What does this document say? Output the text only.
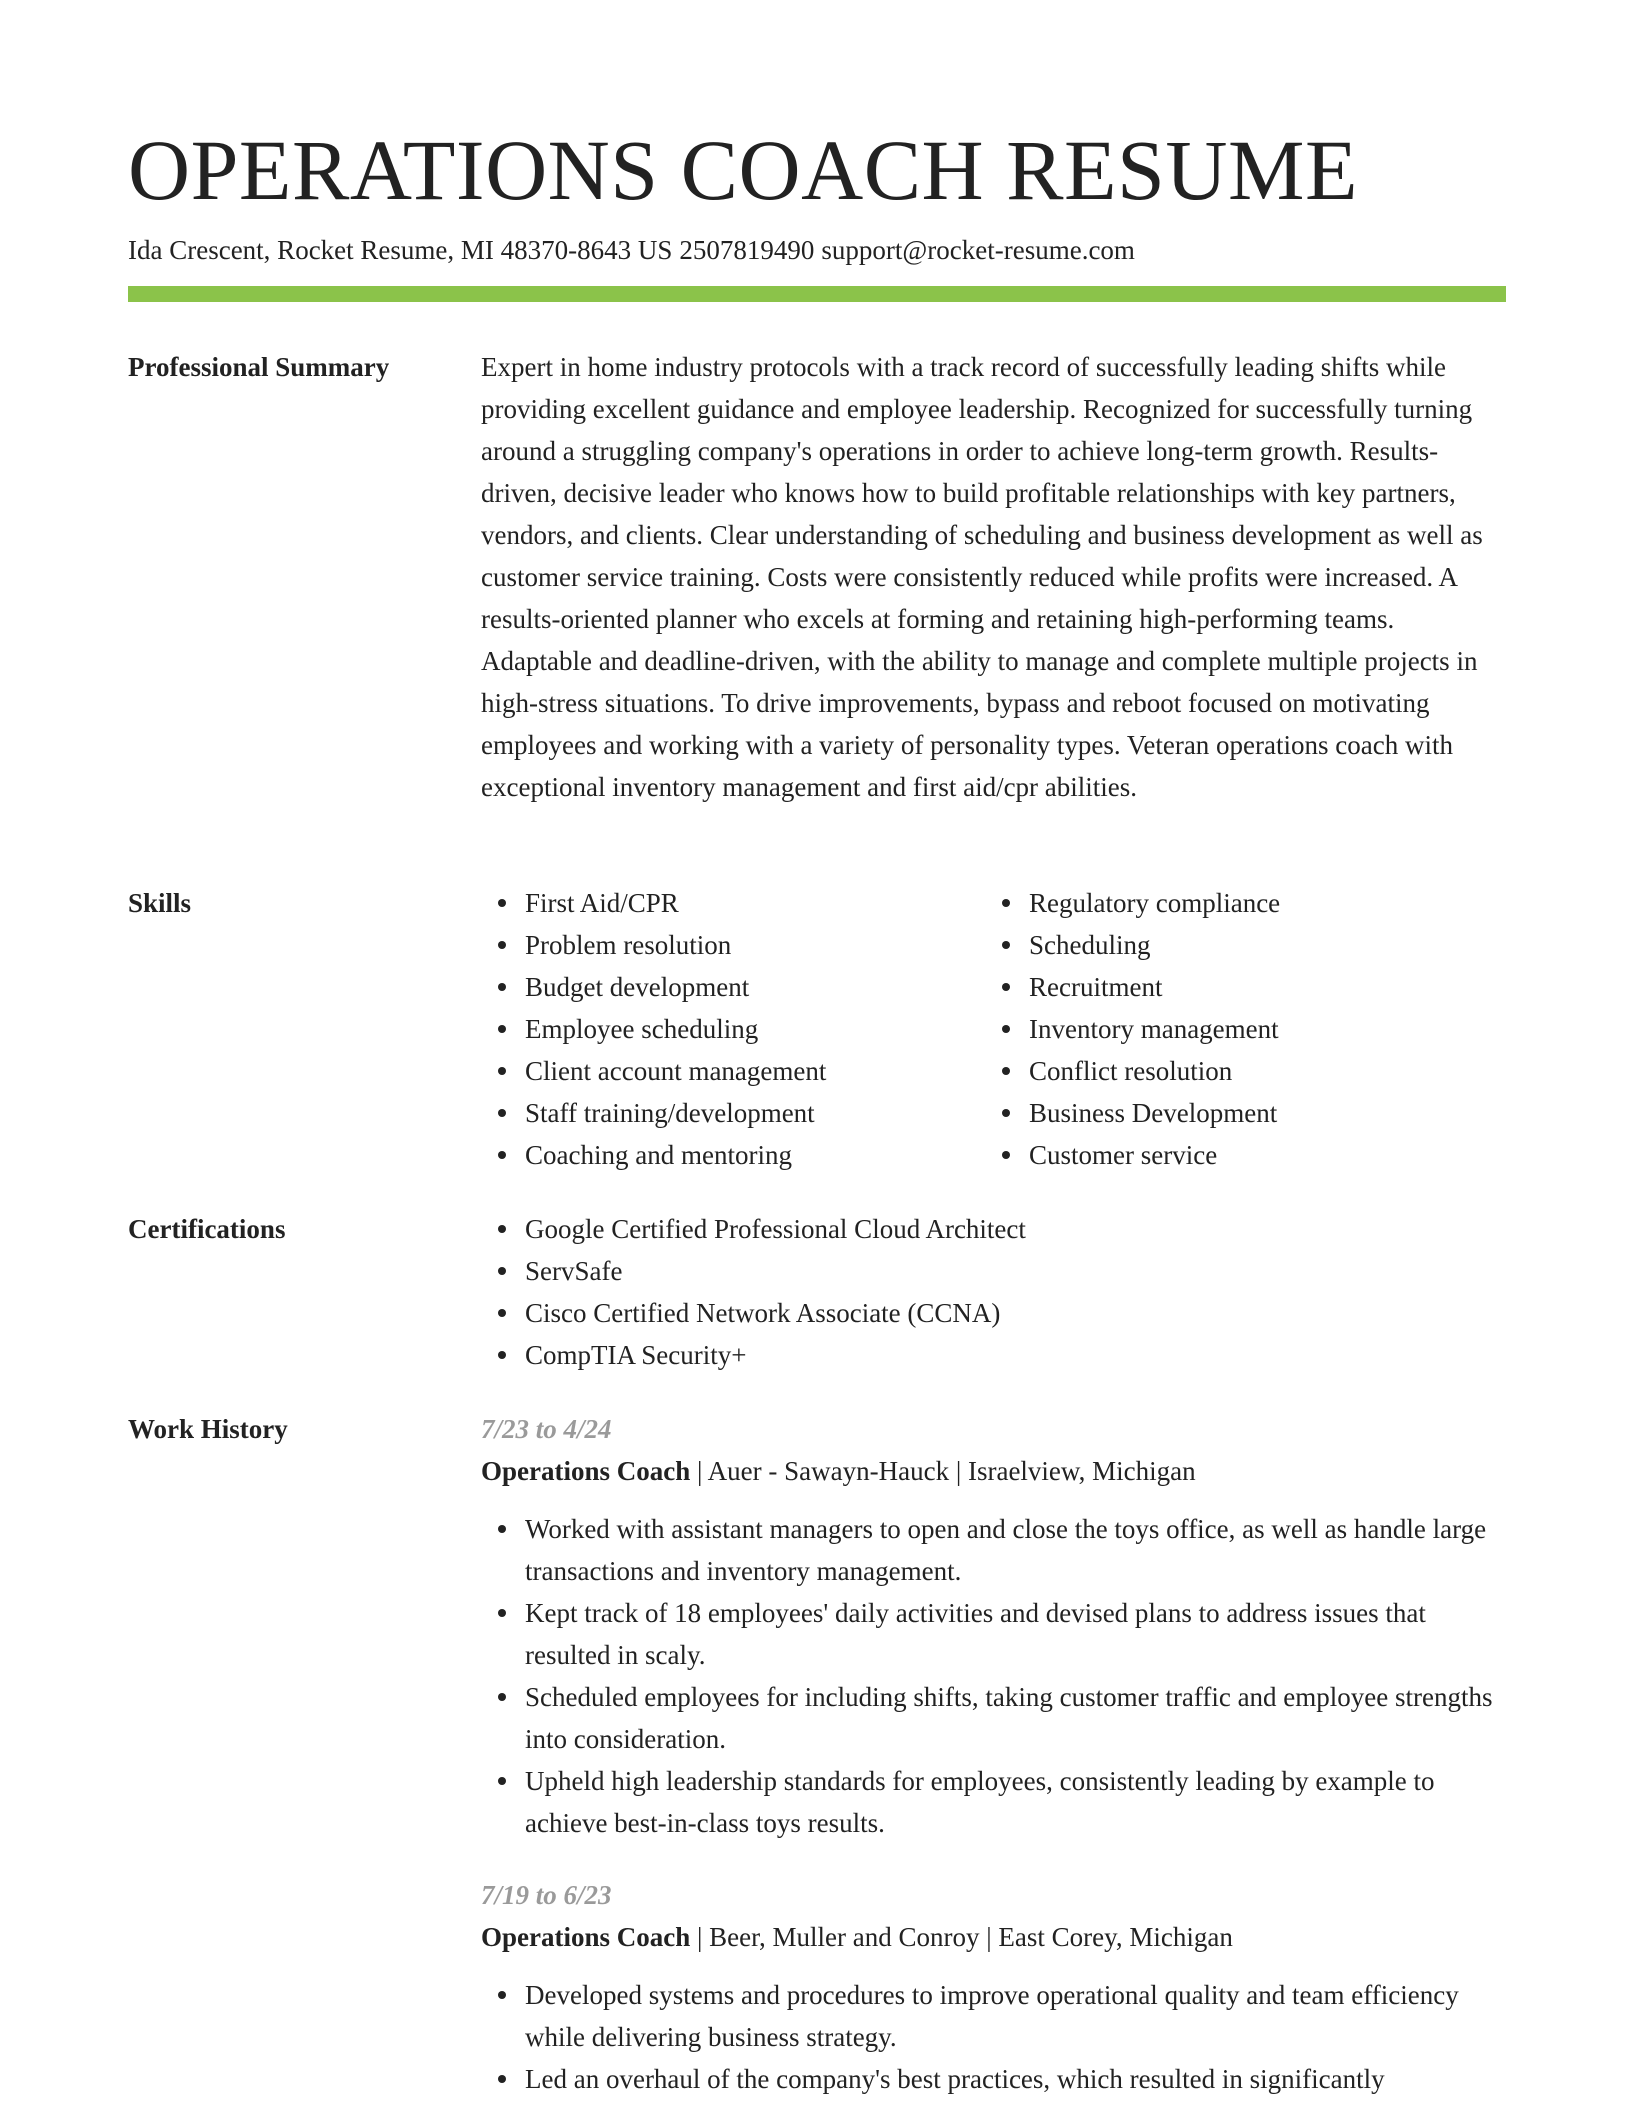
OPERATIONS COACH RESUME
Ida Crescent, Rocket Resume, MI 48370-8643 US 2507819490 support@rocket-resume.com
Professional Summary	Expert in home industry protocols with a track record of successfully leading shifts while providing excellent guidance and employee leadership. Recognized for successfully turning around a struggling company's operations in order to achieve long-term growth. Results-driven, decisive leader who knows how to build profitable relationships with key partners, vendors, and clients. Clear understanding of scheduling and business development as well as customer service training. Costs were consistently reduced while profits were increased. A results-oriented planner who excels at forming and retaining high-performing teams. Adaptable and deadline-driven, with the ability to manage and complete multiple projects in high-stress situations. To drive improvements, bypass and reboot focused on motivating employees and working with a variety of personality types. Veteran operations coach with exceptional inventory management and first aid/cpr abilities.

Skills	First Aid/CPR
Problem resolution
Budget development
Employee scheduling
Client account management
Staff training/development
Coaching and mentoring
Regulatory compliance
Scheduling
Recruitment
Inventory management
Conflict resolution
Business Development
Customer service
Certifications	Google Certified Professional Cloud Architect
ServSafe
Cisco Certified Network Associate (CCNA)
CompTIA Security+
Work History	7/23 to 4/24
Operations Coach | Auer - Sawayn-Hauck | Israelview, Michigan
Worked with assistant managers to open and close the toys office, as well as handle large transactions and inventory management.
Kept track of 18 employees' daily activities and devised plans to address issues that resulted in scaly.
Scheduled employees for including shifts, taking customer traffic and employee strengths into consideration.
Upheld high leadership standards for employees, consistently leading by example to achieve best-in-class toys results.
7/19 to 6/23
Operations Coach | Beer, Muller and Conroy | East Corey, Michigan
Developed systems and procedures to improve operational quality and team efficiency while delivering business strategy.
Led an overhaul of the company's best practices, which resulted in significantly
